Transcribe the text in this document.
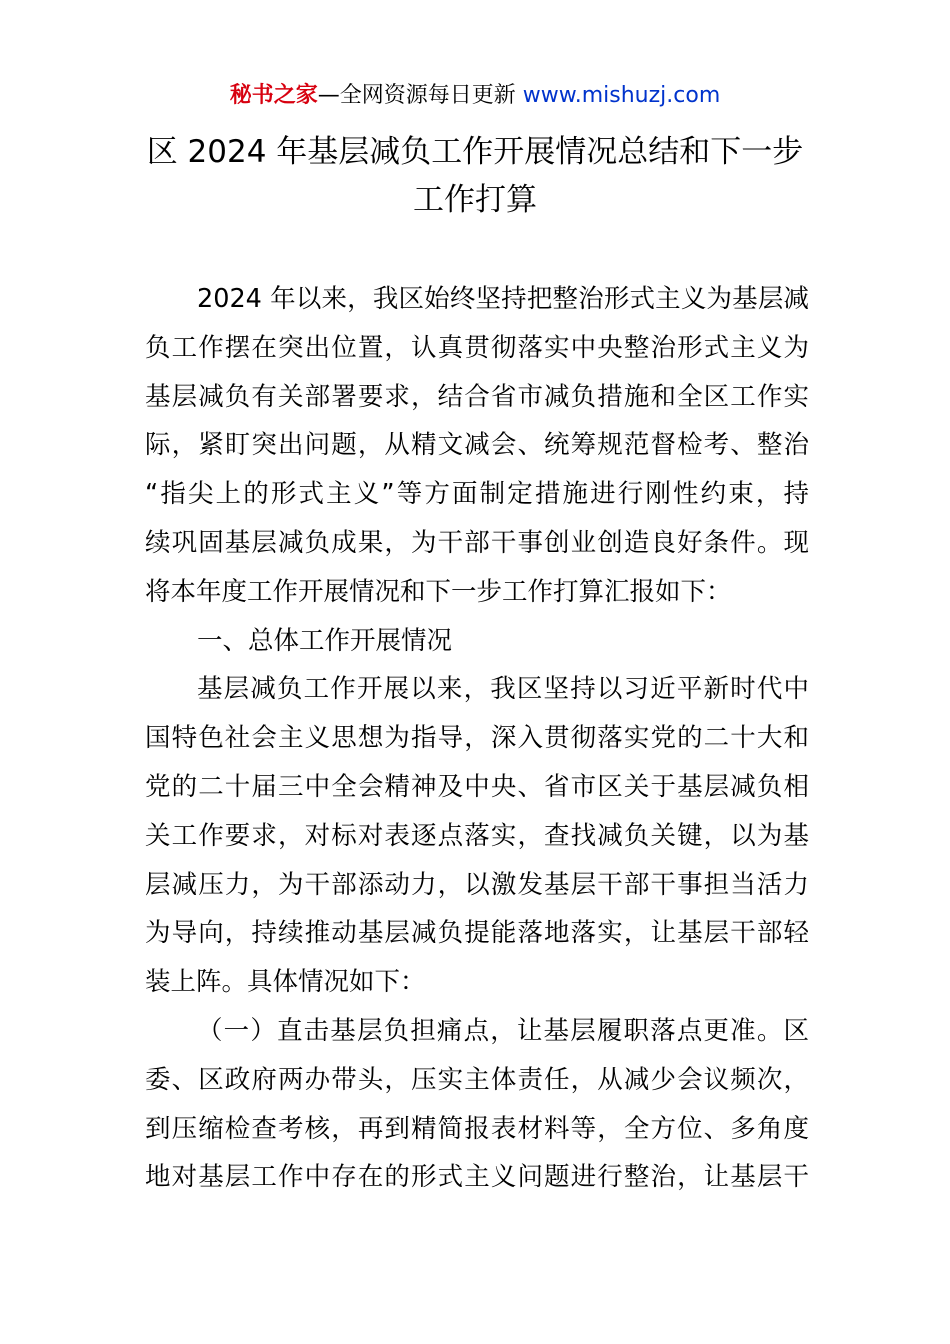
秘书之家—全网资源每日更新 www.mishuzj.com
区 2024 年基层减负工作开展情况总结和下一步
工作打算
2024 年以来，我区始终坚持把整治形式主义为基层减
负工作摆在突出位置，认真贯彻落实中央整治形式主义为
基层减负有关部署要求，结合省市减负措施和全区工作实
际，紧盯突出问题，从精文减会、统筹规范督检考、整治
“指尖上的形式主义”等方面制定措施进行刚性约束，持
续巩固基层减负成果，为干部干事创业创造良好条件。现
将本年度工作开展情况和下一步工作打算汇报如下：
一、总体工作开展情况
基层减负工作开展以来，我区坚持以习近平新时代中
国特色社会主义思想为指导，深入贯彻落实党的二十大和
党的二十届三中全会精神及中央、省市区关于基层减负相
关工作要求，对标对表逐点落实，查找减负关键，以为基
层减压力，为干部添动力，以激发基层干部干事担当活力
为导向，持续推动基层减负提能落地落实，让基层干部轻
装上阵。具体情况如下：
（一）直击基层负担痛点，让基层履职落点更准。区
委、区政府两办带头，压实主体责任，从减少会议频次，
到压缩检查考核，再到精简报表材料等，全方位、多角度
地对基层工作中存在的形式主义问题进行整治，让基层干
